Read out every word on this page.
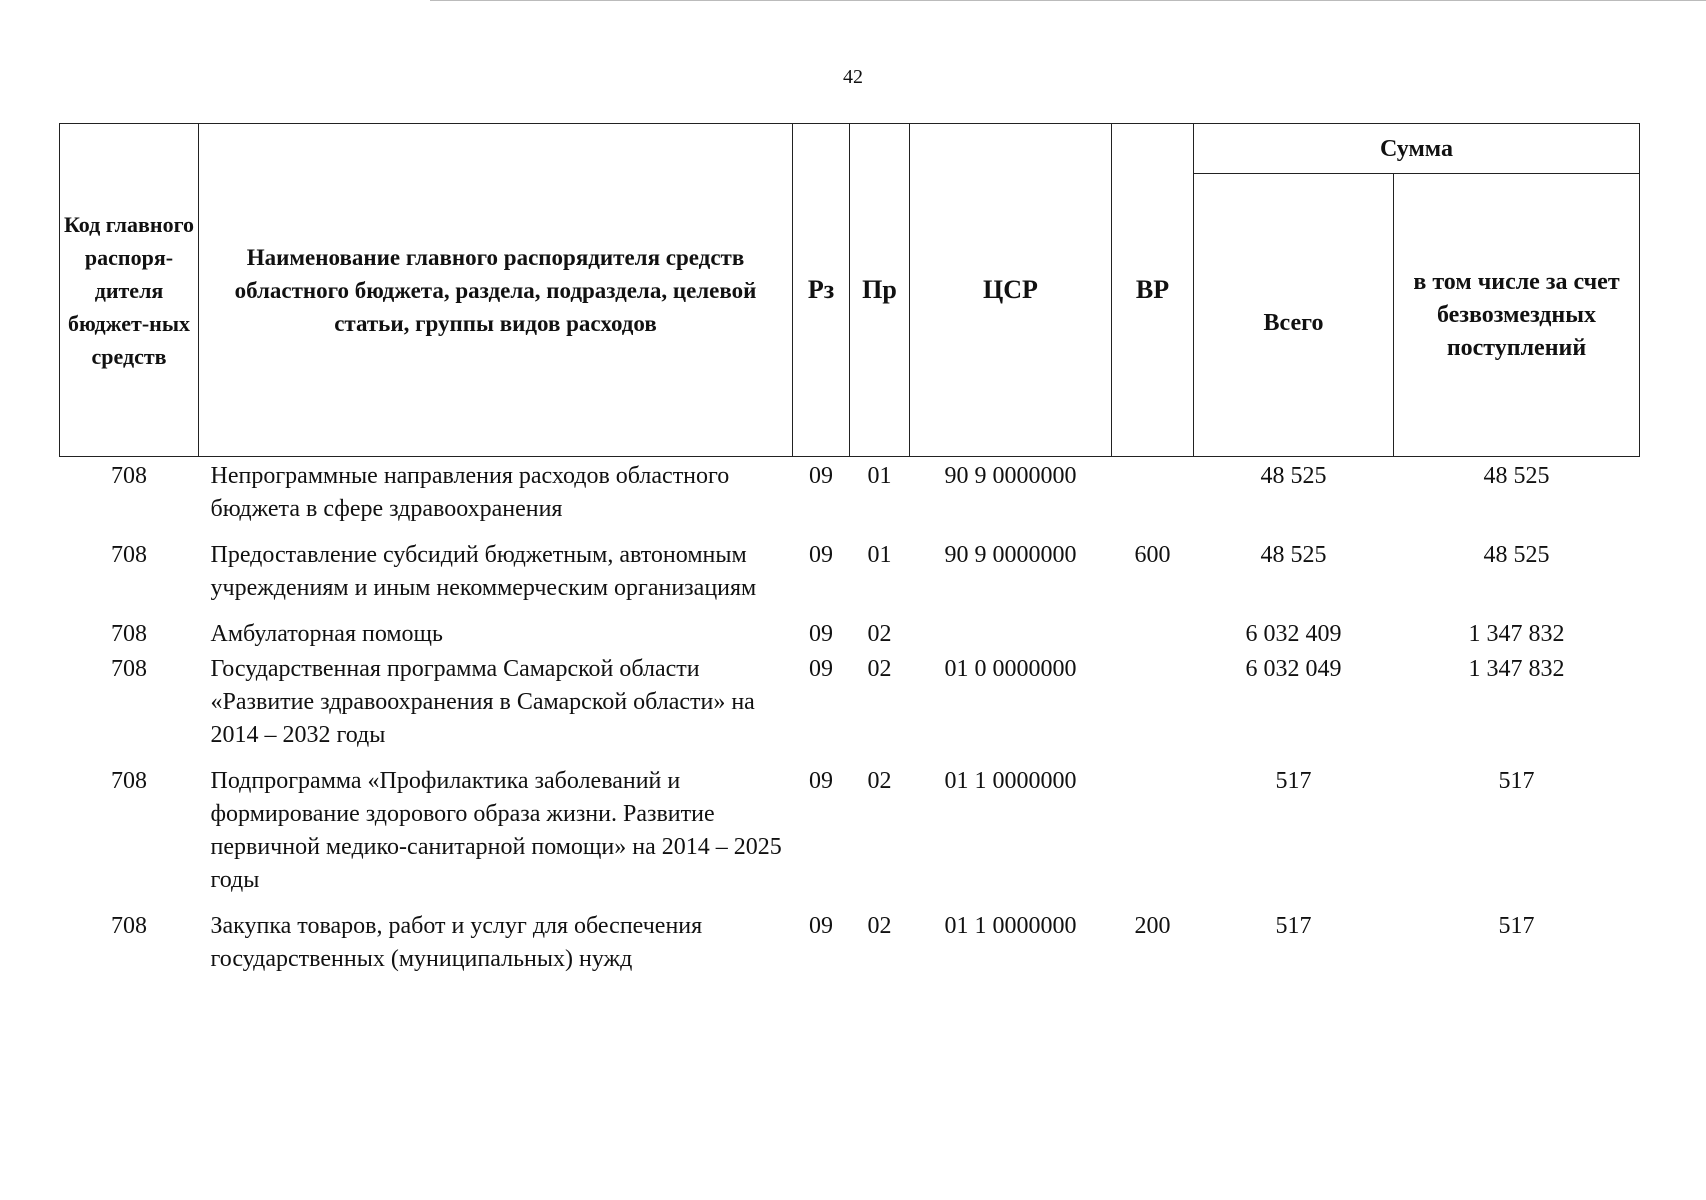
42
Код главного распоря-дителя бюджет-ных средств	Наименование главного распорядителя средств областного бюджета, раздела, подраздела, целевой статьи, группы видов расходов	Рз	Пр	ЦСР	ВР	Сумма	
						Всего	в том числе за счет безвозмездных поступлений
708	Непрограммные направления расходов областного бюджета в сфере здравоохранения	09	01	90 9 0000000		48 525	48 525
708	Предоставление субсидий бюджетным, автономным учреждениям и иным некоммерческим организациям	09	01	90 9 0000000	600	48 525	48 525
708	Амбулаторная помощь	09	02			6 032 409	1 347 832
708	Государственная программа Самарской области «Развитие здравоохранения в Самарской области» на 2014 – 2032 годы	09	02	01 0 0000000		6 032 049	1 347 832
708	Подпрограмма «Профилактика заболеваний и формирование здорового образа жизни. Развитие первичной медико-санитарной помощи» на 2014 – 2025 годы	09	02	01 1 0000000		517	517
708	Закупка товаров, работ и услуг для обеспечения государственных (муниципальных) нужд	09	02	01 1 0000000	200	517	517
